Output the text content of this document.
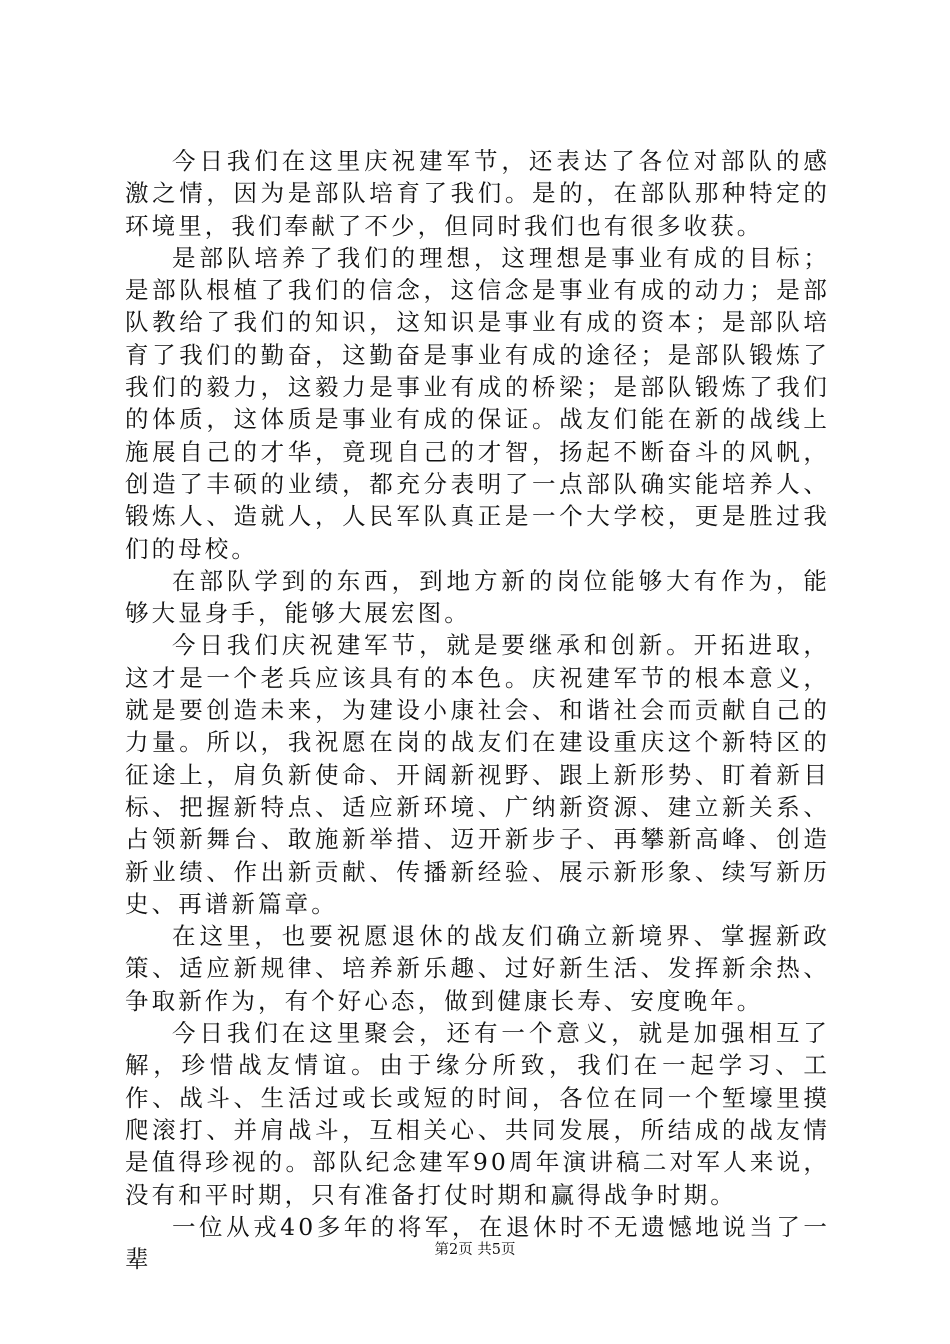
今日我们在这里庆祝建军节，还表达了各位对部队的感激之情，因为是部队培育了我们。是的，在部队那种特定的环境里，我们奉献了不少，但同时我们也有很多收获。

是部队培养了我们的理想，这理想是事业有成的目标；是部队根植了我们的信念，这信念是事业有成的动力；是部队教给了我们的知识，这知识是事业有成的资本；是部队培育了我们的勤奋，这勤奋是事业有成的途径；是部队锻炼了我们的毅力，这毅力是事业有成的桥梁；是部队锻炼了我们的体质，这体质是事业有成的保证。战友们能在新的战线上施展自己的才华，竟现自己的才智，扬起不断奋斗的风帆，创造了丰硕的业绩，都充分表明了一点部队确实能培养人、锻炼人、造就人，人民军队真正是一个大学校，更是胜过我们的母校。

在部队学到的东西，到地方新的岗位能够大有作为，能够大显身手，能够大展宏图。

今日我们庆祝建军节，就是要继承和创新。开拓进取，这才是一个老兵应该具有的本色。庆祝建军节的根本意义，就是要创造未来，为建设小康社会、和谐社会而贡献自己的力量。所以，我祝愿在岗的战友们在建设重庆这个新特区的征途上，肩负新使命、开阔新视野、跟上新形势、盯着新目标、把握新特点、适应新环境、广纳新资源、建立新关系、占领新舞台、敢施新举措、迈开新步子、再攀新高峰、创造新业绩、作出新贡献、传播新经验、展示新形象、续写新历史、再谱新篇章。

在这里，也要祝愿退休的战友们确立新境界、掌握新政策、适应新规律、培养新乐趣、过好新生活、发挥新余热、争取新作为，有个好心态，做到健康长寿、安度晚年。

今日我们在这里聚会，还有一个意义，就是加强相互了解，珍惜战友情谊。由于缘分所致，我们在一起学习、工作、战斗、生活过或长或短的时间，各位在同一个堑壕里摸爬滚打、并肩战斗，互相关心、共同发展，所结成的战友情是值得珍视的。部队纪念建军90周年演讲稿二对军人来说，没有和平时期，只有准备打仗时期和赢得战争时期。

一位从戎40多年的将军，在退休时不无遗憾地说当了一辈	第2页 共5页
